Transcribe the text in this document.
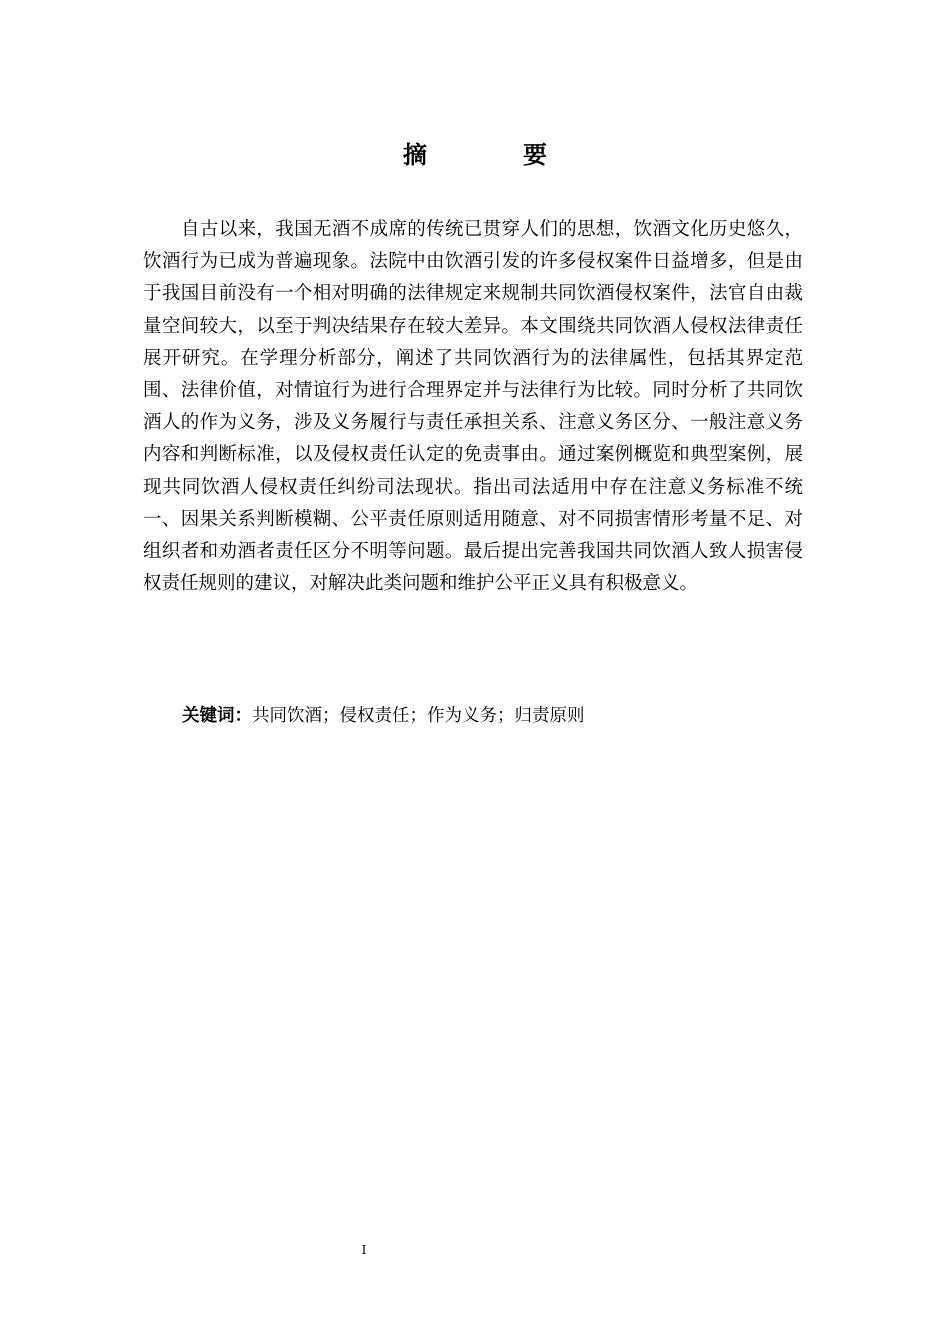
摘　要

自古以来，我国无酒不成席的传统已贯穿人们的思想，饮酒文化历史悠久，饮酒行为已成为普遍现象。法院中由饮酒引发的许多侵权案件日益增多，但是由于我国目前没有一个相对明确的法律规定来规制共同饮酒侵权案件，法官自由裁量空间较大，以至于判决结果存在较大差异。本文围绕共同饮酒人侵权法律责任展开研究。在学理分析部分，阐述了共同饮酒行为的法律属性，包括其界定范围、法律价值，对情谊行为进行合理界定并与法律行为比较。同时分析了共同饮酒人的作为义务，涉及义务履行与责任承担关系、注意义务区分、一般注意义务内容和判断标准，以及侵权责任认定的免责事由。通过案例概览和典型案例，展现共同饮酒人侵权责任纠纷司法现状。指出司法适用中存在注意义务标准不统一、因果关系判断模糊、公平责任原则适用随意、对不同损害情形考量不足、对组织者和劝酒者责任区分不明等问题。最后提出完善我国共同饮酒人致人损害侵权责任规则的建议，对解决此类问题和维护公平正义具有积极意义。

关键词：共同饮酒；侵权责任；作为义务；归责原则
I
